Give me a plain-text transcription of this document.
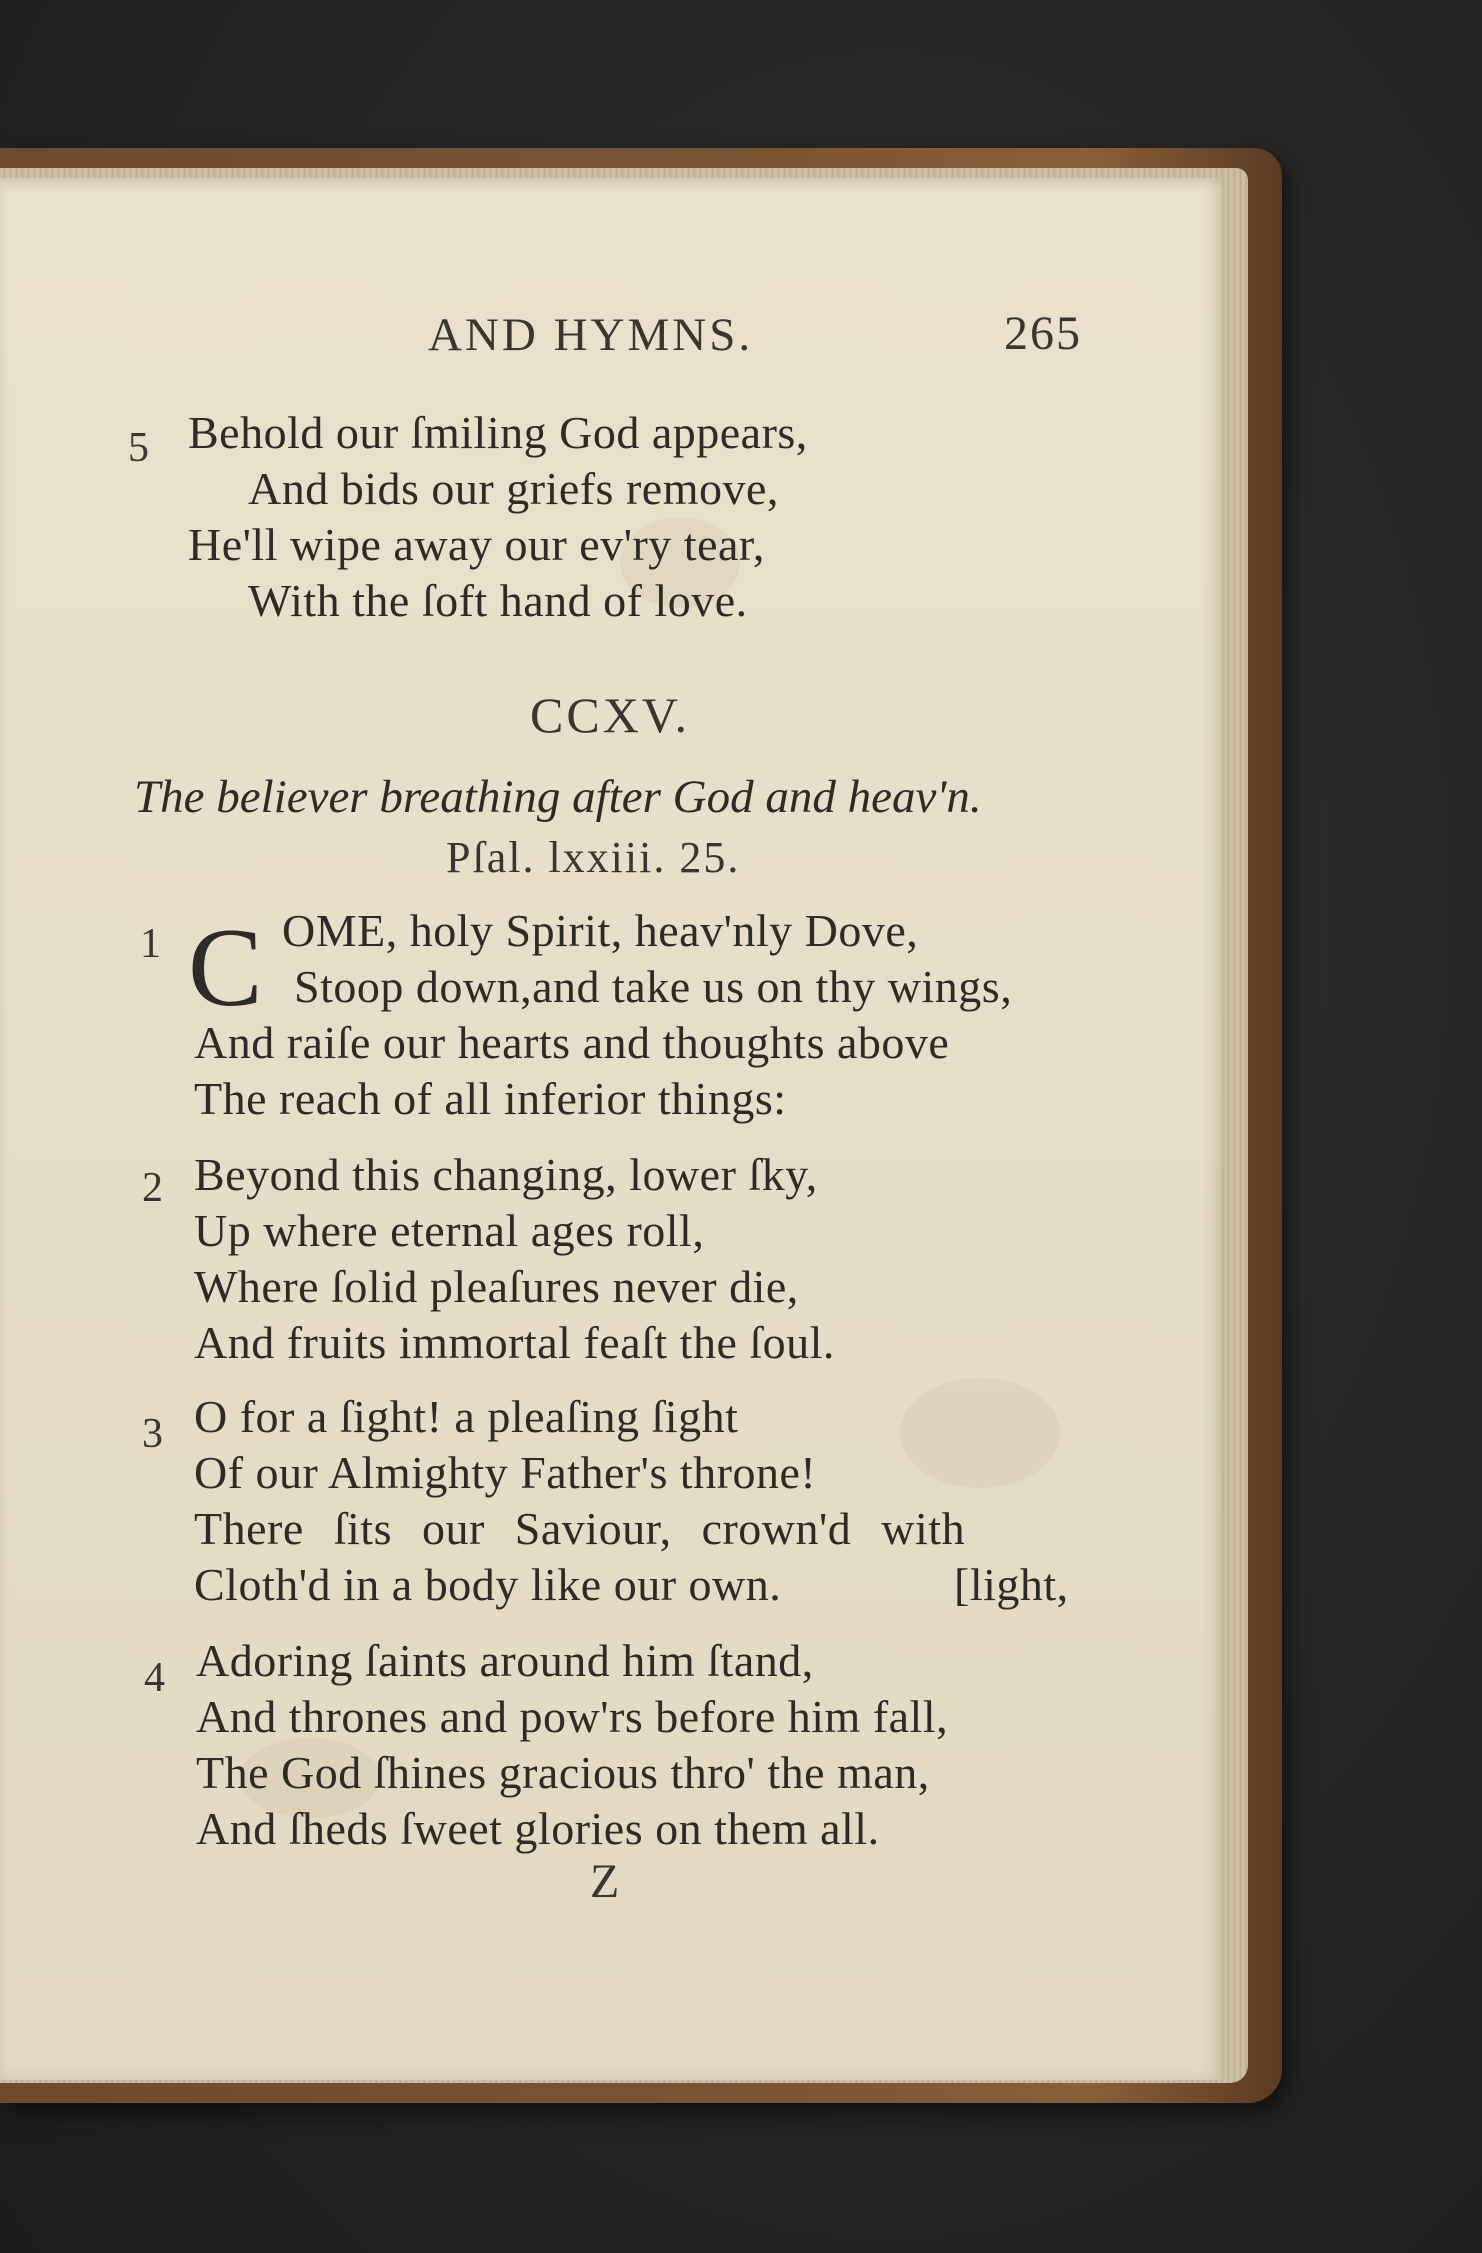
AND HYMNS.	265
5 Behold our ſmiling God appears,
And bids our griefs remove,
He'll wipe away our ev'ry tear,
With the ſoft hand of love.
CCXV.
The believer breathing after God and heav'n.
Pſal. lxxiii. 25.
1 C OME, holy Spirit, heav'nly Dove,
Stoop down,and take us on thy wings,
And raiſe our hearts and thoughts above
The reach of all inferior things:
2 Beyond this changing, lower ſky,
Up where eternal ages roll,
Where ſolid pleaſures never die,
And fruits immortal feaſt the ſoul.
3 O for a ſight! a pleaſing ſight
Of our Almighty Father's throne!
There ſits our Saviour, crown'd with
Cloth'd in a body like our own.	[light,
4 Adoring ſaints around him ſtand,
And thrones and pow'rs before him fall,
The God ſhines gracious thro' the man,
And ſheds ſweet glories on them all.
Z
